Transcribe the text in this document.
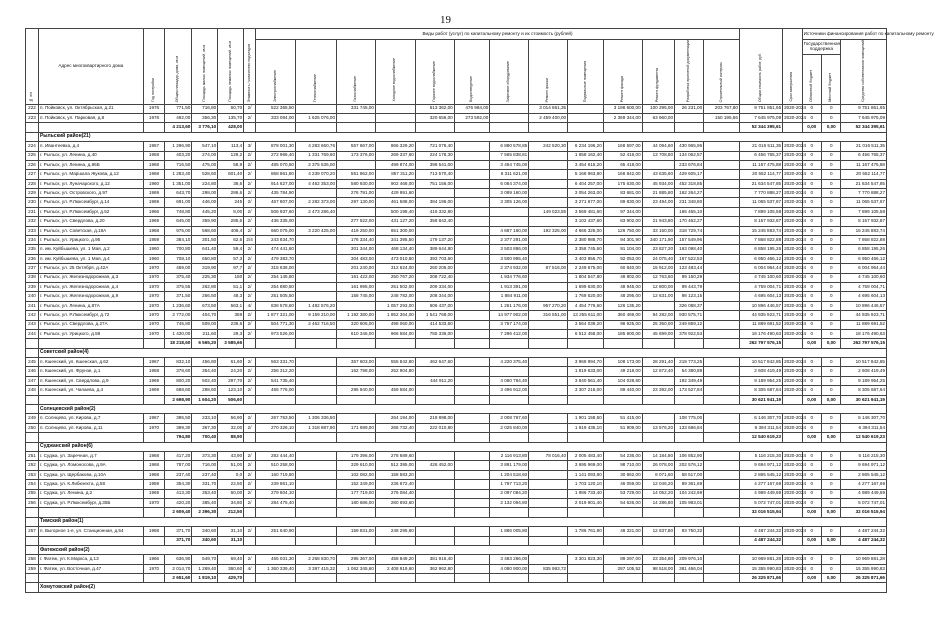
19
№ п/п	Адрес многоквартирного дома	Год постройки	Общая площадь дома, кв.м	Площадь жилых помещений, кв.м	Площадь нежилых помещений, кв.м	Этажность / количество подъездов	Виды работ (услуг) по капитальному ремонту и их стоимость (рублей)													Общая стоимость работ, руб.	Срок завершения	Источники финансирования работ по капитальному ремонту		
							Электроснабжение	Теплоснабжение	Газоснабжение	Холодное водоснабжение	Горячее водоснабжение	Водоотведение	Лифтовое оборудование	Ремонт крыши	Подвальные помещения	Ремонт фасада	Ремонт фундамента	Разработка проектной документации	Строительный контроль			Государственная поддержка		Средства собственников помещений
																						Областной бюджет	Местный бюджет	
222	п. Пойковск, ул. Октябрьская, д.21	1976	771,50	716,80	60,70	2/	522 365,50		331 745,00		513 362,00	476 984,00		3 014 661,35		3 198 600,00	100 295,00	26 231,00	203 767,80	9 751 851,65	2020-2024	0	0	9 751 851,65
223	п. Пойковск, ул. Парковая, д.8	1976	492,00	356,30	135,70	2/	333 084,00	1 625 076,00			320 656,00	273 592,00		2 459 400,00		2 369 344,00	63 960,00		150 195,66	7 645 975,09	2020-2024	0	0	7 645 975,09
			4 213,60	3 776,10	428,00															52 344 395,61		0,00	0,00	52 344 395,61
	Рыльский район(21)																							
224	п. Ивантеевка, д.4	1957	1 296,90	547,10	113,4	3/	878 001,30	4 283 660,76	557 667,00	866 329,20	721 076,40		6 880 578,85	242 520,30	6 234 196,20	168 597,00	44 094,60	430 965,96		21 016 511,35	2020-2024	0	0	21 016 511,35
225	г. Рыльск, ул. Ленина, д.40	1958	403,20	274,00	129,2	2/	272 966,40	1 331 769,60	173 376,00	269 337,60	224 178,30		7 565 838,81		1 658 162,40	52 416,00	13 708,80	134 062,57		6 456 765,37	2020-2024	0	0	6 456 765,37
226	г. Рыльск, ул. Ленина, д.86Б	1968	716,50	475,00	58,9	2/	485 070,50	2 375 535,00		499 874,00	398 541,00		3 454 745,00		3 454 615,20	65 418,00		233 676,84		11 167 475,88	2020-2024	0	0	11 167 475,88
227	г. Рыльск, ул. Маршала Жукова, д.12	1968	1 283,40	528,60	601,40	2/	868 861,80	4 239 070,20	551 862,00	857 311,20	713 570,40		6 311 621,00		5 168 963,80	166 842,00	43 635,60	429 605,17		20 552 114,77	2020-2024	0	0	20 552 114,77
228	г. Рыльск, ул. Луначарского, д.12	1960	1 351,00	224,80	38,6	2/	914 627,00	4 462 353,00	580 930,00	902 468,00	751 156,00		6 064 374,00		6 404 257,00	175 630,00	45 934,00	452 318,85		21 634 547,85	2020-2024	0	0	21 634 547,85
229	г. Рыльск, ул. Островского, д.97	1969	643,70	298,00	286,6	2/	435 784,90		276 791,00	429 991,60			3 089 160,00		3 054 263,00	83 681,00	21 885,80	162 264,27		7 770 888,27	2020-2024	0	0	7 770 888,27
230	г. Рыльск, ул. Р.Люксембург, д.14	1969	691,00	446,00	245	2/	467 807,00	2 282 373,00	297 130,00	461 588,00	384 196,00		3 305 126,00		3 271 677,00	89 830,00	23 494,00	231 348,80		11 065 537,67	2020-2024	0	0	11 065 537,67
231	г. Рыльск, ул. Р.Люксембург, д.52	1966	748,80	445,20	8,00	2/	506 937,60	2 473 286,40		500 198,40	416 332,80			149 023,55	3 569 481,60	97 344,00		165 465,10		7 899 105,58	2020-2024	0	0	7 899 105,58
232	г. Рыльск, ул. Свердлова, д.20	1969	645,00	359,90	285,6	2/	436 335,00		277 522,00	431 127,20	358 842,40				3 102 437,60	83 902,00	21 943,80	170 462,27		8 157 932,87	2020-2024	0	0	8 157 932,87
233	г. Рыльск, ул. Советская, д.18А	1968	975,00	568,60	406,4	2/	660 075,00	3 220 425,00	419 250,00	651 300,00			4 667 160,00	192 325,00	4 666 325,00	126 750,00	33 150,00	318 729,74		15 245 883,74	2020-2024	0	0	15 245 883,74
234	г. Рыльск, ул. Урицкого, д.95	1959	384,10	301,50	62,6	2/4	243 834,70		176 334,40	341 395,50	179 137,20		2 377 291,00		2 380 988,70	94 301,90	340 171,90	157 549,96		7 868 822,88	2020-2024	0	0	7 868 822,88
235	п. им. Куйбышева, ул. 1 Мая, д.2	1960	700,80	641,40	59,4	2/	474 441,60		301 344,00	468 134,40	389 644,80		3 503 886,00		3 358 745,60	91 104,00	23 827,20	163 098,40		6 858 195,26	2020-2024	0	0	6 858 195,26
236	п. им. Куйбышева, ул. 1 Мая, д.4	1960	708,10	650,80	57,3	2/	479 383,70		304 483,00	473 010,80	393 703,60		3 500 995,40		3 403 956,70	92 053,00	24 075,40	167 522,53		6 950 466,12	2020-2024	0	0	6 950 466,12
237	г. Рыльск, ул. 25 Октября, д.42А	1970	469,00	319,90	97,7	2/	315 636,00		201 240,00	312 624,00	260 206,00		2 374 932,00	87 516,00	2 249 675,00	60 840,00	15 912,00	123 483,44		6 004 964,44	2020-2024	0	0	6 004 964,44
238	г. Рыльск, ул. Железнодорожная, д.3	1970	375,40	225,30	150	2/	254 145,80		161 422,00	250 767,20	208 722,40		1 934 776,60		1 804 547,80	48 802,00	12 763,60	99 150,29		4 745 100,60	2020-2024	0	0	4 745 100,60
239	г. Рыльск, ул. Железнодорожная, д.4	1970	375,55	262,80	51,1	2/	254 880,50		161 995,00	251 502,00	209 334,00		1 913 391,00		1 699 630,00	48 945,00	12 800,00	99 443,79		4 759 004,71	2020-2024	0	0	4 759 004,71
240	г. Рыльск, ул. Железнодорожная, д.9	1970	371,50	256,50	48,3	2/	251 505,50		158 745,00	248 782,00	208 344,00		1 884 911,00		1 769 520,00	48 295,00	12 631,00	98 123,15		4 695 604,13	2020-2024	0	0	4 695 604,13
241	г. Рыльск, ул. Ленина, д.87А	1970	1 236,60	673,50	563,1	4/	836 578,60	1 482 576,20		1 057 293,00	606 437,00		1 261 176,00	957 270,20	4 454 776,60	126 135,20		326 088,37		10 896 446,57	2020-2024	0	0	10 896 446,57
242	г. Рыльск, ул. Р.Люксембург, д.72	1970	2 772,00	404,70	359	2/	1 877 321,00	9 159 210,00	1 192 380,00	1 852 364,00	1 541 768,00		14 977 902,00	316 551,00	13 255 611,00	360 469,00	94 282,00	930 575,71		44 935 923,71	2020-2024	0	0	44 935 923,71
243	г. Рыльск, ул. Свердлова, д.27А	1970	745,80	509,00	236,6	2/	504 771,30	2 462 716,50	320 606,00	498 060,00	414 533,60		3 757 174,00		3 564 039,20	96 925,00	25 350,00	249 859,12		11 889 691,52	2020-2024	0	0	11 889 691,52
244	г. Рыльск, ул. Урицкого, д.59	1970	1 430,00	211,60	29,3	2/	973 526,00		610 346,00	966 584,00	755 336,00		7 296 412,00		6 512 458,00	185 900,00	45 699,00	378 922,53		18 176 490,63	2020-2024	0	0	18 176 490,63
			18 218,60	6 565,20	3 585,66															262 797 576,15		0,00	0,00	262 797 576,15
	Советский район(4)																							
245	п. Кшенский, ул. Кшенская, д.62	1967	832,10	456,80	61,60	2/	563 331,70		357 603,00	555 842,80	462 647,60		4 220 375,40		3 969 994,70	108 173,00	28 291,40	219 773,25		10 517 842,85	2020-2024	0	0	10 517 842,85
246	п. Кшенский, ул. Фрунзе, д.1	1958	378,60	354,40	24,20	2/	256 312,20		162 798,00	252 904,80					1 819 633,00	49 218,00	12 872,40	54 380,89		2 608 419,49	2020-2024	0	0	2 608 419,49
247	п. Кшенский, ул. Свердлова, д.9	1969	800,20	502,40	297,70	2/	541 735,40				444 911,20		4 060 764,40		3 840 561,40	104 028,60		192 349,49		9 189 954,25	2020-2024	0	0	9 189 954,25
248	п. Кшенский, ул. Чапаева, д.4	1969	688,60	288,60	123,10	2/	465 776,00		295 840,00	459 584,00			3 496 912,00		3 307 216,00	89 440,00	23 392,00	173 527,84		8 305 687,64	2020-2024	0	0	8 305 687,64
			2 698,90	1 604,20	506,60															30 621 941,19		0,00	0,00	30 621 941,19
	Солнцевский район(2)																							
249	п. Солнцево, ул. Кирова, д.7	1967	395,50	233,10	56,90	2/	267 753,50	1 306 336,50		264 194,00	219 898,00		2 008 767,60		1 901 158,50	51 415,00		108 775,00		6 146 307,70	2020-2024	0	0	6 146 307,70
250	п. Солнцево, ул. Кирова, д.11	1970	399,30	367,30	32,00	2/	270 326,10	1 318 887,90	171 699,00	266 732,40	222 010,80		2 025 840,00		1 919 435,10	51 909,00	13 576,20	133 686,84		6 394 311,54	2020-2024	0	0	6 394 311,54
			794,80	700,40	88,90															12 540 619,23		0,00	0,00	12 540 619,23
	Суджанский район(6)																							
251	г. Суджа, ул. Заречная, д.7	1968	417,20	373,30	43,90	2/	282 444,40		179 396,00	278 689,60			2 116 913,80	78 016,40	2 005 483,40	54 236,00	14 184,80	106 852,90		5 116 215,30	2020-2024	0	0	5 116 215,30
252	г. Суджа, ул. Ломоносова, д.9А	1968	787,00	716,00	51,00	2/	510 258,00		329 610,00	512 395,00	426 452,00		3 891 179,00		3 695 969,00	98 710,00	26 078,00	202 576,12		9 694 971,12	2020-2024	0	0	9 694 971,12
253	г. Суджа, ул. Щербакова, д.10А	1968	237,40	237,40	0,0	2/	160 719,80		102 082,00	158 583,20			1 204 518,60		1 141 093,80	30 862,00	8 071,60	58 517,00		2 865 545,12	2020-2024	0	0	2 865 545,12
254	г. Суджа, ул. К.Либкнехта, д.58	1959	354,30	331,70	22,50	2/	239 861,10		152 349,00	236 672,40			1 797 713,20		1 703 120,10	46 059,00	12 046,20	89 361,69		4 277 167,69	2020-2024	0	0	4 277 167,69
255	г. Суджа, ул. Ленина, д.2	1969	413,30	353,40	60,00	2/	279 804,10		177 719,00	276 084,40			2 097 084,20		1 986 733,40	53 729,00	14 052,20	104 242,69		4 989 449,69	2020-2024	0	0	4 989 449,69
256	г. Суджа, ул. Р.Люксембург, д.35Б	1970	420,20	385,40	34,80	2/	284 475,40		180 686,00	280 693,60			2 132 094,80		2 019 901,40	54 626,00	14 286,80	105 983,01		5 072 747,01	2020-2024	0	0	5 072 747,01
			2 609,40	2 396,30	212,50															32 016 515,94		0,00	0,00	32 016 515,94
	Тимский район(1)																							
257	п. Выгорное 1-е, ул. Станционная, д.54	1968	371,70	340,60	31,10	2/	251 640,90		159 831,00	248 295,60			1 886 005,80		1 786 761,90	48 321,00	12 637,80	93 750,32		4 487 244,32	2020-2024	0	0	4 487 244,32
			371,70	340,60	31,10															4 487 244,32		0,00	0,00	4 487 244,32
	Фатежский район(2)																							
258	г. Фатеж, ул. К.Маркса, д.13	1966	636,90	549,70	69,40	2/	465 031,30	2 268 830,70	295 367,00	458 849,20	381 916,40		3 483 266,00		3 301 823,30	89 297,00	23 354,80	209 976,10		10 969 881,28	2020-2024	0	0	10 969 881,28
259	г. Фатеж, ул. Восточная, д.47	1970	2 014,70	1 269,40	360,60	4/	1 360 339,40	3 397 415,32	1 062 345,60	2 408 919,60	362 962,80		4 080 900,00	835 963,72		287 105,52	98 518,00	381 466,04		15 355 990,83	2020-2024	0	0	15 355 990,83
			2 651,60	1 819,10	429,70															26 325 871,66		0,00	0,00	26 325 871,66
	Хомутовский район(2)																							
